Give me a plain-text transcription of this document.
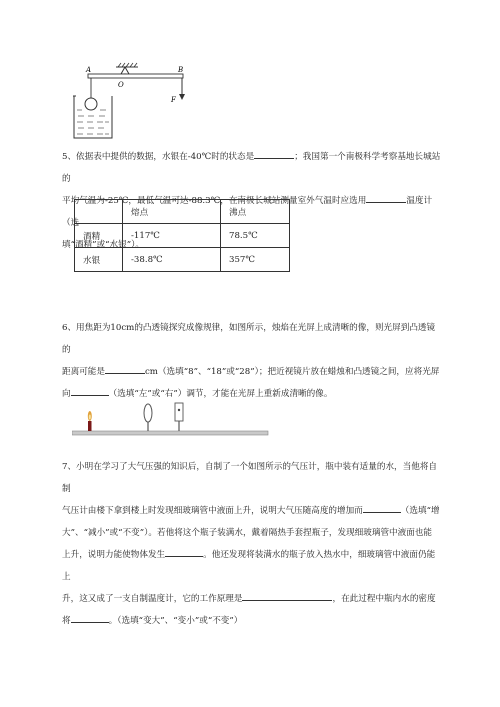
A
O
B
F

5、依据表中提供的数据，水银在-40℃时的状态是	；我国第一个南极科学考察基地长城站的

平均气温为-25℃，最低气温可达-88.3℃，在南极长城站测量室外气温时应选用	温度计（选

填“酒精”或“水银”）。

	熔点	沸点
酒精	-117℃	78.5℃
水银	-38.8℃	357℃

6、用焦距为10cm的凸透镜探究成像规律，如图所示，烛焰在光屏上成清晰的像，则光屏到凸透镜的

距离可能是	cm（选填“8”、“18”或“28”）；把近视镜片放在蜡烛和凸透镜之间，应将光屏

向	（选填“左”或“右”）调节，才能在光屏上重新成清晰的像。

7、小明在学习了大气压强的知识后，自制了一个如图所示的气压计，瓶中装有适量的水，当他将自制

气压计由楼下拿到楼上时发现细玻璃管中液面上升，说明大气压随高度的增加而	（选填“增

大”、“减小”或“不变”）。若他将这个瓶子装满水，戴着隔热手套捏瓶子，发现细玻璃管中液面也能

上升，说明力能使物体发生	。他还发现将装满水的瓶子放入热水中，细玻璃管中液面仍能上

升，这又成了一支自制温度计，它的工作原理是	，在此过程中瓶内水的密度

将	。（选填“变大”、“变小”或“不变”）
